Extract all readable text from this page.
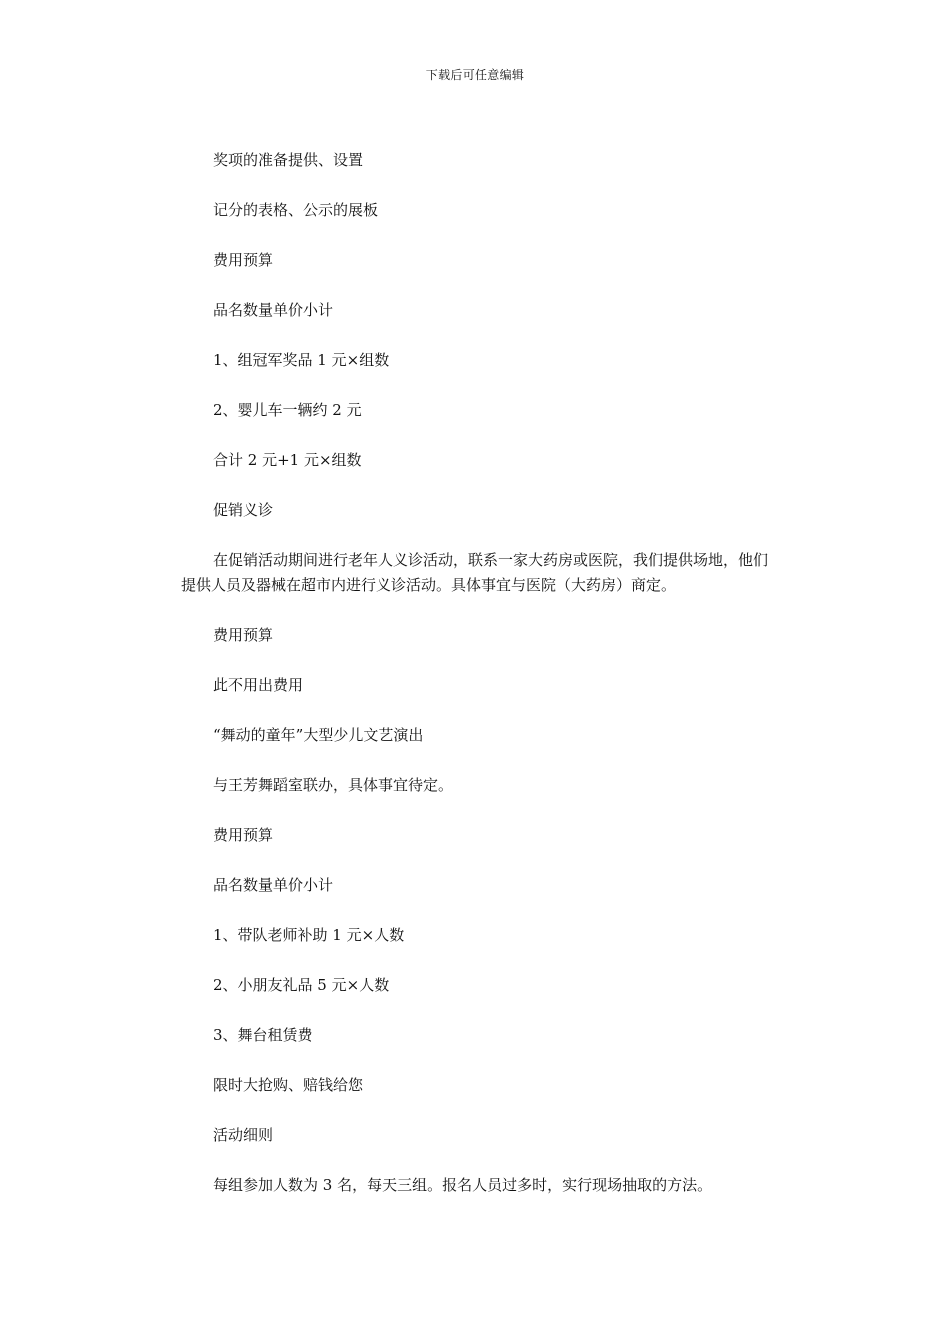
下载后可任意编辑

奖项的准备提供、设置

记分的表格、公示的展板

费用预算

品名数量单价小计

1、组冠军奖品 1 元×组数

2、婴儿车一辆约 2 元

合计 2 元+1 元×组数

促销义诊

在促销活动期间进行老年人义诊活动，联系一家大药房或医院，我们提供场地，他们提供人员及器械在超市内进行义诊活动。具体事宜与医院（大药房）商定。

费用预算

此不用出费用

“舞动的童年”大型少儿文艺演出

与王芳舞蹈室联办，具体事宜待定。

费用预算

品名数量单价小计

1、带队老师补助 1 元×人数

2、小朋友礼品 5 元×人数

3、舞台租赁费

限时大抢购、赔钱给您

活动细则

每组参加人数为 3 名，每天三组。报名人员过多时，实行现场抽取的方法。
